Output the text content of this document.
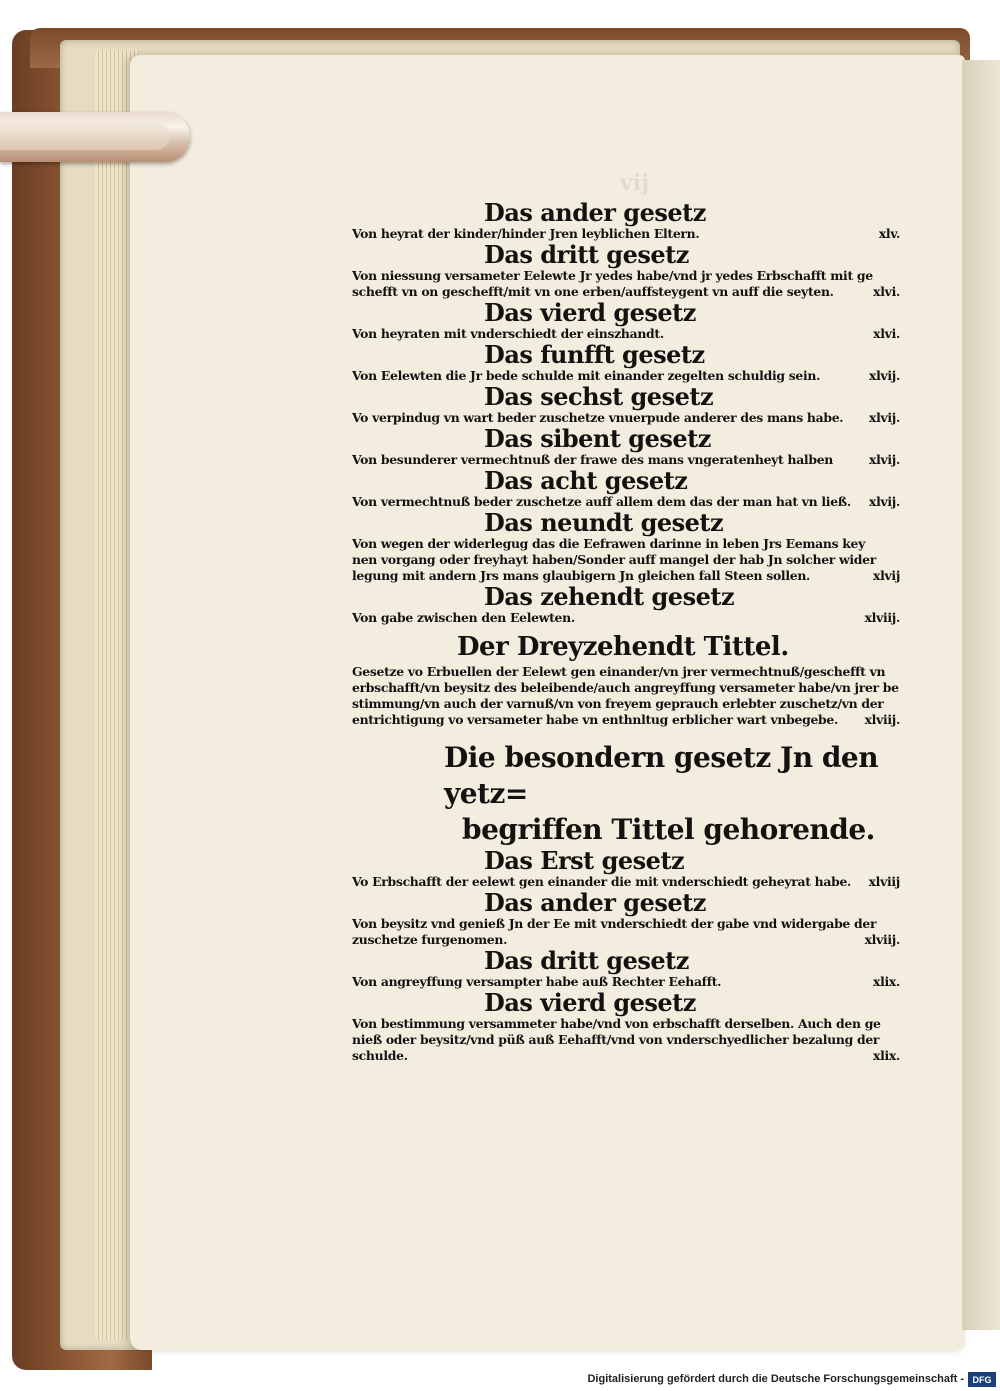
vij
Das ander gesetz
Von heyrat der kinder/hinder Jren leyblichen Eltern.	xlv.
Das dritt gesetz
Von niessung versameter Eelewte Jr yedes habe/vnd jr yedes Erbschafft mit ge
schefft vn on geschefft/mit vn one erben/auffsteygent vn auff die seyten.	xlvi.
Das vierd gesetz
Von heyraten mit vnderschiedt der einszhandt.	xlvi.
Das funfft gesetz
Von Eelewten die Jr bede schulde mit einander zegelten schuldig sein.	xlvij.
Das sechst gesetz
Vo verpindug vn wart beder zuschetze vnuerpude anderer des mans habe.	xlvij.
Das sibent gesetz
Von besunderer vermechtnuß der frawe des mans vngeratenheyt halben	xlvij.
Das acht gesetz
Von vermechtnuß beder zuschetze auff allem dem das der man hat vn ließ.	xlvij.
Das neundt gesetz
Von wegen der widerlegug das die Eefrawen darinne in leben Jrs Eemans key
nen vorgang oder freyhayt haben/Sonder auff mangel der hab Jn solcher wider
legung mit andern Jrs mans glaubigern Jn gleichen fall Steen sollen.	xlvij
Das zehendt gesetz
Von gabe zwischen den Eelewten.	xlviij.
Der Dreyzehendt Tittel.
Gesetze vo Erbuellen der Eelewt gen einander/vn jrer vermechtnuß/geschefft vn
erbschafft/vn beysitz des beleibende/auch angreyffung versameter habe/vn jrer be
stimmung/vn auch der varnuß/vn von freyem geprauch erlebter zuschetz/vn der
entrichtigung vo versameter habe vn enthnltug erblicher wart vnbegebe.	xlviij.
Die besondern gesetz Jn den yetz=
begriffen Tittel gehorende.
Das Erst gesetz
Vo Erbschafft der eelewt gen einander die mit vnderschiedt geheyrat habe.	xlviij
Das ander gesetz
Von beysitz vnd genieß Jn der Ee mit vnderschiedt der gabe vnd widergabe der
zuschetze furgenomen.	xlviij.
Das dritt gesetz
Von angreyffung versampter habe auß Rechter Eehafft.	xlix.
Das vierd gesetz
Von bestimmung versammeter habe/vnd von erbschafft derselben. Auch den ge
nieß oder beysitz/vnd püß auß Eehafft/vnd von vnderschyedlicher bezalung der
schulde.	xlix.
Digitalisierung gefördert durch die Deutsche Forschungsgemeinschaft - DFG
